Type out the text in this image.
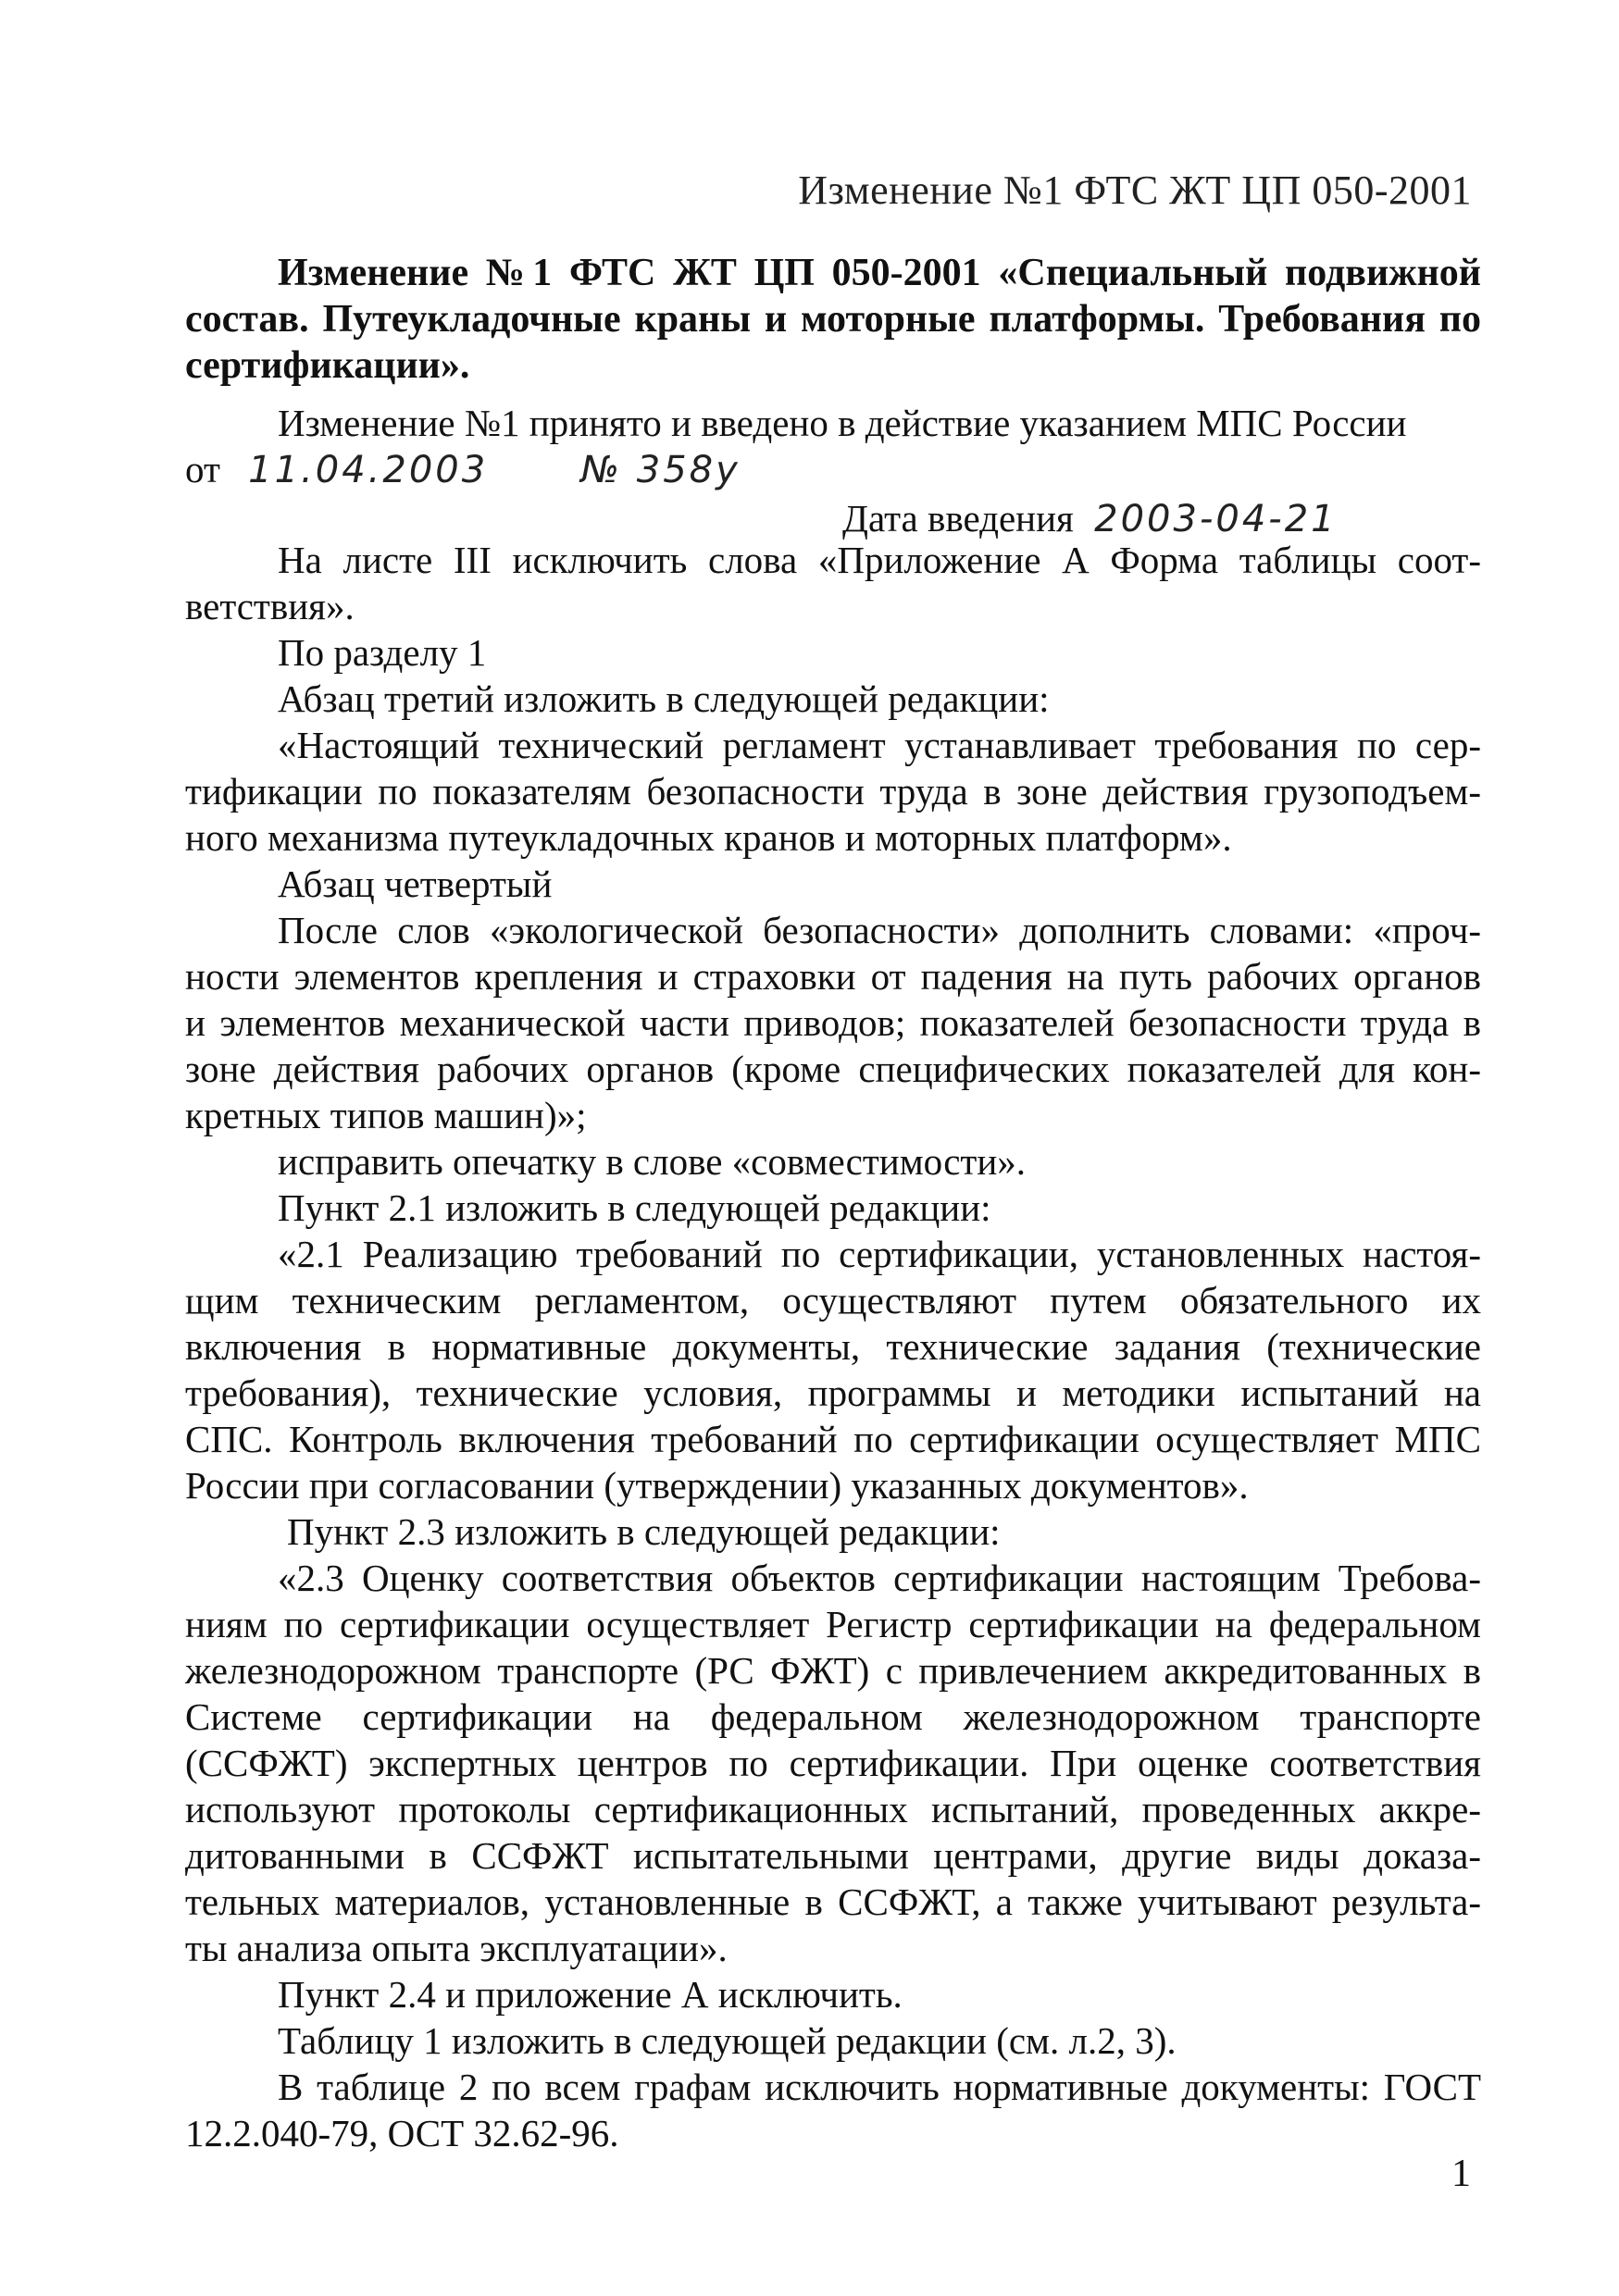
Изменение №1 ФТС ЖТ ЦП 050-2001
Изменение №1 ФТС ЖТ ЦП 050-2001 «Специальный подвижной состав. Путеукладочные краны и моторные платформы. Требования по сертификации».
Изменение №1 принято и введено в действие указанием МПС России
от 11.04.2003	№ 358у
Дата введения 2003-04-21
На листе III исключить слова «Приложение А Форма таблицы соот-
ветствия».
По разделу 1
Абзац третий изложить в следующей редакции:
«Настоящий технический регламент устанавливает требования по сер-
тификации по показателям безопасности труда в зоне действия грузоподъем-
ного механизма путеукладочных кранов и моторных платформ».
Абзац четвертый
После слов «экологической безопасности» дополнить словами: «проч-
ности элементов крепления и страховки от падения на путь рабочих органов
и элементов механической части приводов; показателей безопасности труда в
зоне действия рабочих органов (кроме специфических показателей для кон-
кретных типов машин)»;
исправить опечатку в слове «совместимости».
Пункт 2.1 изложить в следующей редакции:
«2.1 Реализацию требований по сертификации, установленных настоя-
щим техническим регламентом, осуществляют путем обязательного их
включения в нормативные документы, технические задания (технические
требования), технические условия, программы и методики испытаний на
СПС. Контроль включения требований по сертификации осуществляет МПС
России при согласовании (утверждении) указанных документов».
Пункт 2.3 изложить в следующей редакции:
«2.3 Оценку соответствия объектов сертификации настоящим Требова-
ниям по сертификации осуществляет Регистр сертификации на федеральном
железнодорожном транспорте (РС ФЖТ) с привлечением аккредитованных в
Системе сертификации на федеральном железнодорожном транспорте
(ССФЖТ) экспертных центров по сертификации. При оценке соответствия
используют протоколы сертификационных испытаний, проведенных аккре-
дитованными в ССФЖТ испытательными центрами, другие виды доказа-
тельных материалов, установленные в ССФЖТ, а также учитывают результа-
ты анализа опыта эксплуатации».
Пункт 2.4 и приложение А исключить.
Таблицу 1 изложить в следующей редакции (см. л.2, 3).
В таблице 2 по всем графам исключить нормативные документы: ГОСТ
12.2.040-79, ОСТ 32.62-96.
1
